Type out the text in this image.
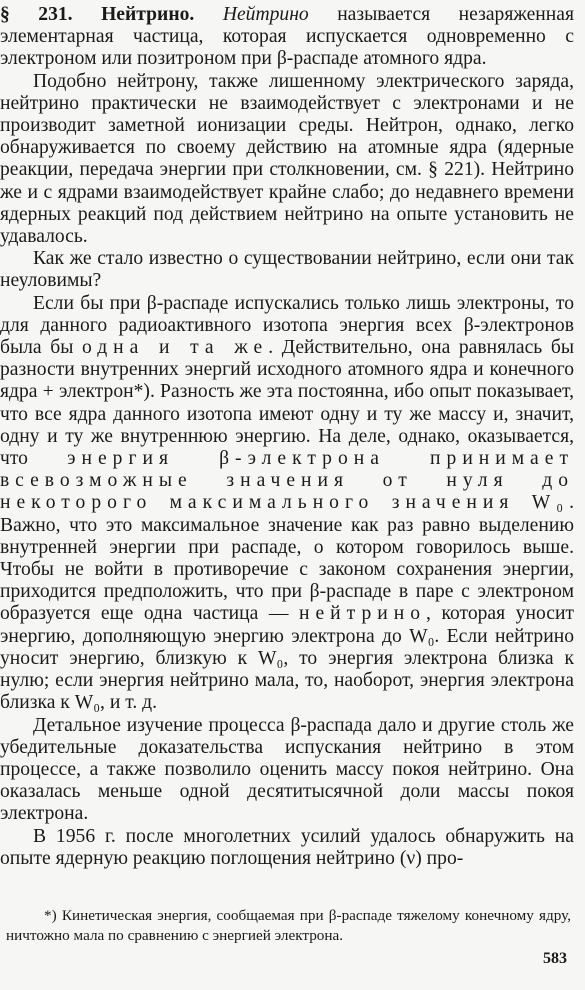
§ 231. Нейтрино. Нейтрино называется незаряженная элементарная частица, которая испускается одновременно с электроном или позитроном при β-распаде атомного ядра.

Подобно нейтрону, также лишенному электрического заряда, нейтрино практически не взаимодействует с электронами и не производит заметной ионизации среды. Нейтрон, однако, легко обнаруживается по своему действию на атомные ядра (ядерные реакции, передача энергии при столкновении, см. § 221). Нейтрино же и с ядрами взаимодействует крайне слабо; до недавнего времени ядерных реакций под действием нейтрино на опыте установить не удавалось.

Как же стало известно о существовании нейтрино, если они так неуловимы?

Если бы при β-распаде испускались только лишь электроны, то для данного радиоактивного изотопа энергия всех β-электронов была бы одна и та же. Действительно, она равнялась бы разности внутренних энергий исходного атомного ядра и конечного ядра + электрон*). Разность же эта постоянна, ибо опыт показывает, что все ядра данного изотопа имеют одну и ту же массу и, значит, одну и ту же внутреннюю энергию. На деле, однако, оказывается, что энергия β-электрона принимает всевозможные значения от нуля до некоторого максимального значения W₀. Важно, что это максимальное значение как раз равно выделению внутренней энергии при распаде, о котором говорилось выше. Чтобы не войти в противоречие с законом сохранения энергии, приходится предположить, что при β-распаде в паре с электроном образуется еще одна частица — нейтрино, которая уносит энергию, дополняющую энергию электрона до W₀. Если нейтрино уносит энергию, близкую к W₀, то энергия электрона близка к нулю; если энергия нейтрино мала, то, наоборот, энергия электрона близка к W₀, и т. д.

Детальное изучение процесса β-распада дало и другие столь же убедительные доказательства испускания нейтрино в этом процессе, а также позволило оценить массу покоя нейтрино. Она оказалась меньше одной десятитысячной доли массы покоя электрона.

В 1956 г. после многолетних усилий удалось обнаружить на опыте ядерную реакцию поглощения нейтрино (ν) про-

*) Кинетическая энергия, сообщаемая при β-распаде тяжелому конечному ядру, ничтожно мала по сравнению с энергией электрона.

583
